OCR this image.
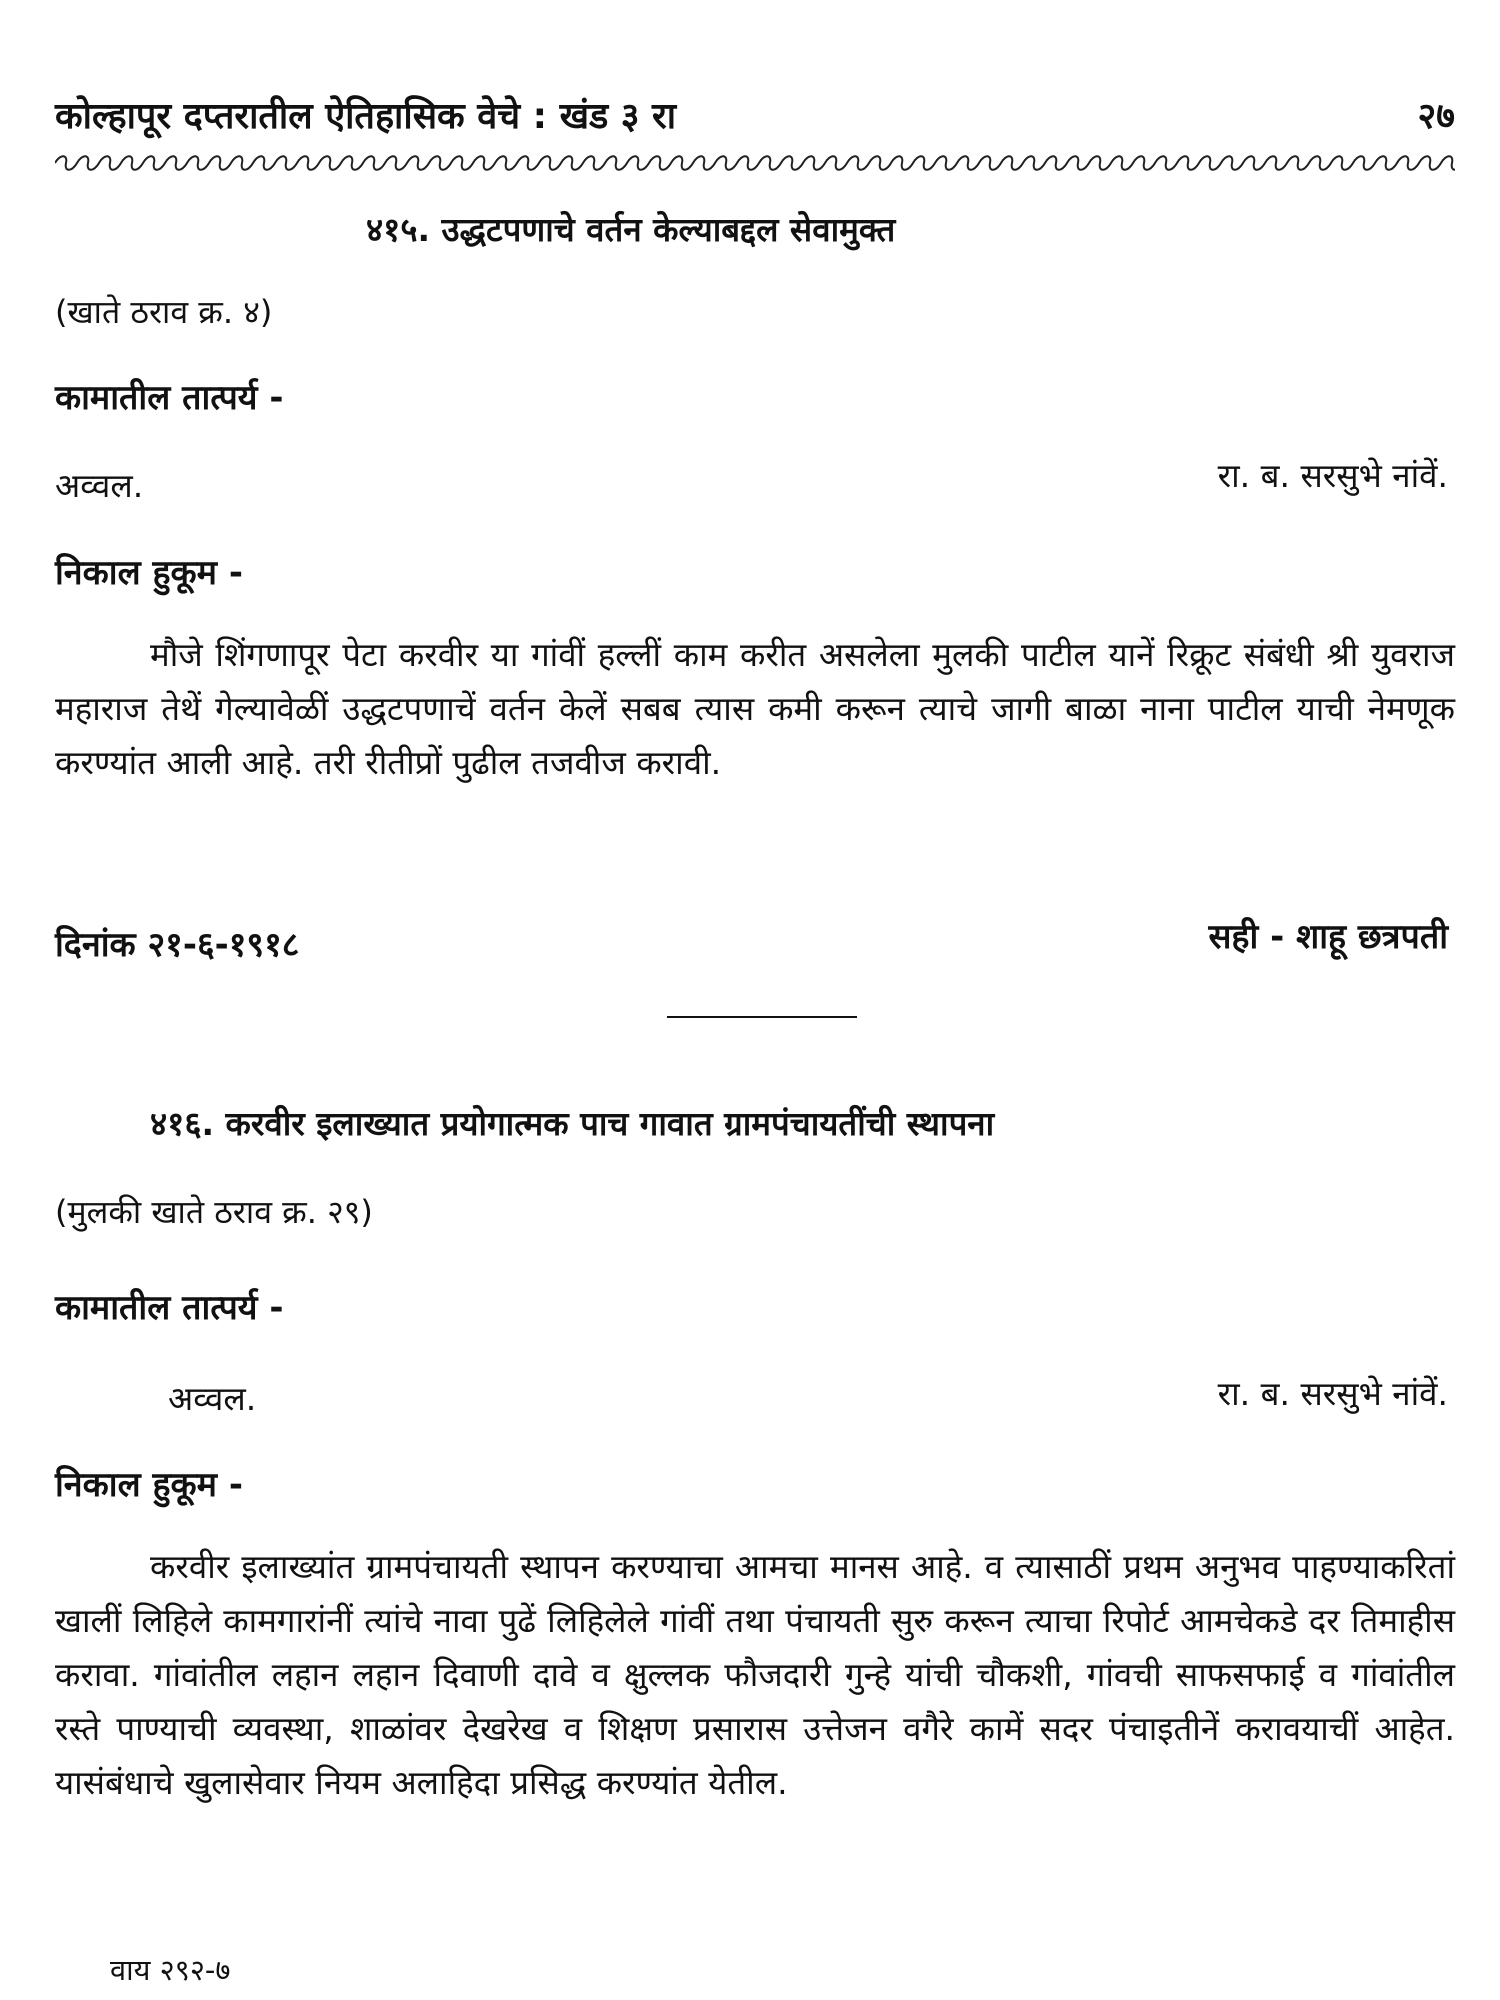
कोल्हापूर दप्तरातील ऐतिहासिक वेचे : खंड ३ रा	२७
४१५. उद्धटपणाचे वर्तन केल्याबद्दल सेवामुक्त
(खाते ठराव क्र. ४)
कामातील तात्पर्य -
अव्वल.	रा. ब. सरसुभे नांवें.
निकाल हुकूम -
मौजे शिंगणापूर पेटा करवीर या गांवीं हल्लीं काम करीत असलेला मुलकी पाटील यानें रिक्रूट संबंधी श्री युवराज महाराज तेथें गेल्यावेळीं उद्धटपणाचें वर्तन केलें सबब त्यास कमी करून त्याचे जागी बाळा नाना पाटील याची नेमणूक करण्यांत आली आहे. तरी रीतीप्रों पुढील तजवीज करावी.
दिनांक २१-६-१९१८	सही - शाहू छत्रपती
४१६. करवीर इलाख्यात प्रयोगात्मक पाच गावात ग्रामपंचायतींची स्थापना
(मुलकी खाते ठराव क्र. २९)
कामातील तात्पर्य -
अव्वल.	रा. ब. सरसुभे नांवें.
निकाल हुकूम -
करवीर इलाख्यांत ग्रामपंचायती स्थापन करण्याचा आमचा मानस आहे. व त्यासाठीं प्रथम अनुभव पाहण्याकरितां खालीं लिहिले कामगारांनीं त्यांचे नावा पुढें लिहिलेले गांवीं तथा पंचायती सुरु करून त्याचा रिपोर्ट आमचेकडे दर तिमाहीस करावा. गांवांतील लहान लहान दिवाणी दावे व क्षुल्लक फौजदारी गुन्हे यांची चौकशी, गांवची साफसफाई व गांवांतील रस्ते पाण्याची व्यवस्था, शाळांवर देखरेख व शिक्षण प्रसारास उत्तेजन वगैरे कामें सदर पंचाइतीनें करावयाचीं आहेत. यासंबंधाचे खुलासेवार नियम अलाहिदा प्रसिद्ध करण्यांत येतील.
वाय २९२-७
